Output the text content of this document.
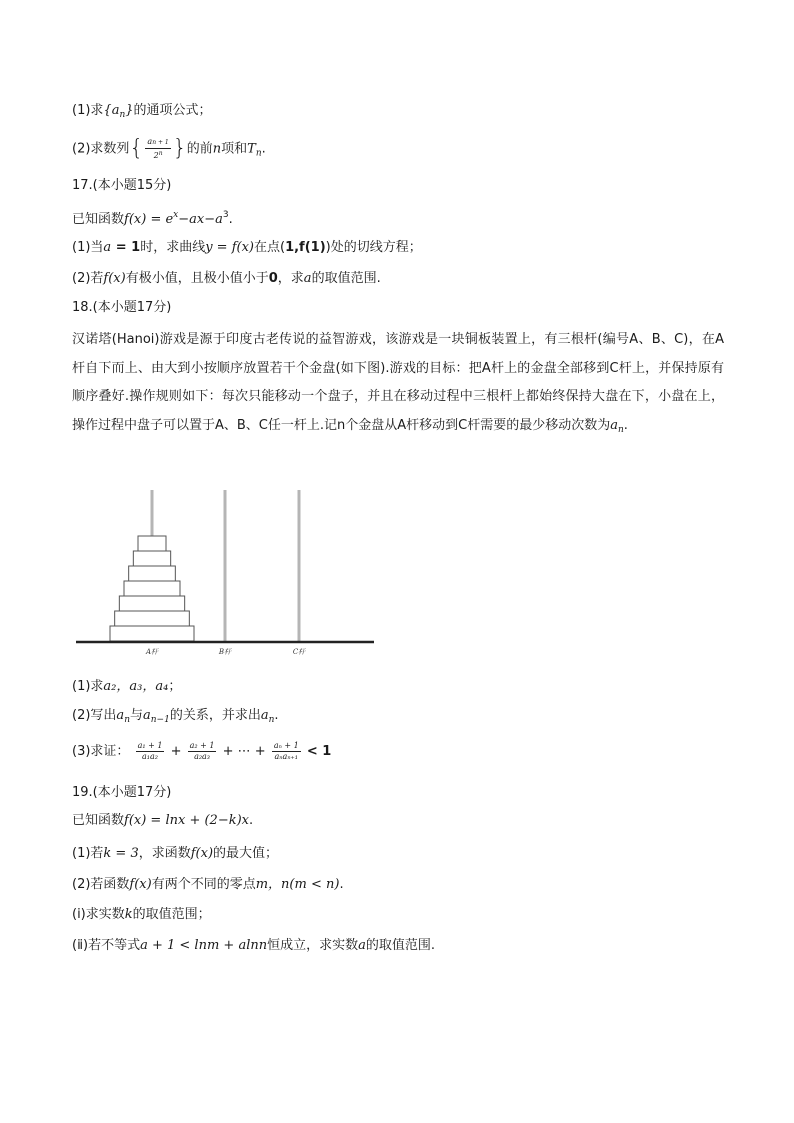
(1)求$\{a_n\}$的通项公式；
(2)求数列{ $\frac{an + 1}{2^n}$ }的前n项和$T_n$.
17.(本小题15分)
已知函数$f(x) = e^x-ax-a^3$.
(1)当a = 1时，求曲线y = f(x)在点(1,f(1))处的切线方程；
(2)若f(x)有极小值，且极小值小于0，求a的取值范围.
18.(本小题17分)
汉诺塔(Hanoi)游戏是源于印度古老传说的益智游戏，该游戏是一块铜板装置上，有三根杆(编号A、B、C)，在A杆自下而上、由大到小按顺序放置若干个金盘(如下图).游戏的目标：把A杆上的金盘全部移到C杆上，并保持原有顺序叠好.操作规则如下：每次只能移动一个盘子，并且在移动过程中三根杆上都始终保持大盘在下，小盘在上，操作过程中盘子可以置于A、B、C任一杆上.记n个金盘从A杆移动到C杆需要的最少移动次数为$a_n$.
A杆	B杆	C杆
(1)求a₂，a₃，a₄；
(2)写出$a_n$与$a_{n-1}$的关系，并求出$a_n$.
(3)求证： $\frac{\text{a₁ + 1}}{\text{a₁a₂}} + \frac{\text{a₂ + 1}}{\text{a₂a₃}}$ + ⋯ + $\frac{\text{aₙ + 1}}{\text{aₙaₙ₊₁}} < 1$
19.(本小题17分)
已知函数f(x) = lnx + (2−k)x.
(1)若k = 3，求函数f(x)的最大值；
(2)若函数f(x)有两个不同的零点m，n(m < n).
(ⅰ)求实数k的取值范围；
(ⅱ)若不等式a + 1 < lnm + alnn恒成立，求实数a的取值范围.
